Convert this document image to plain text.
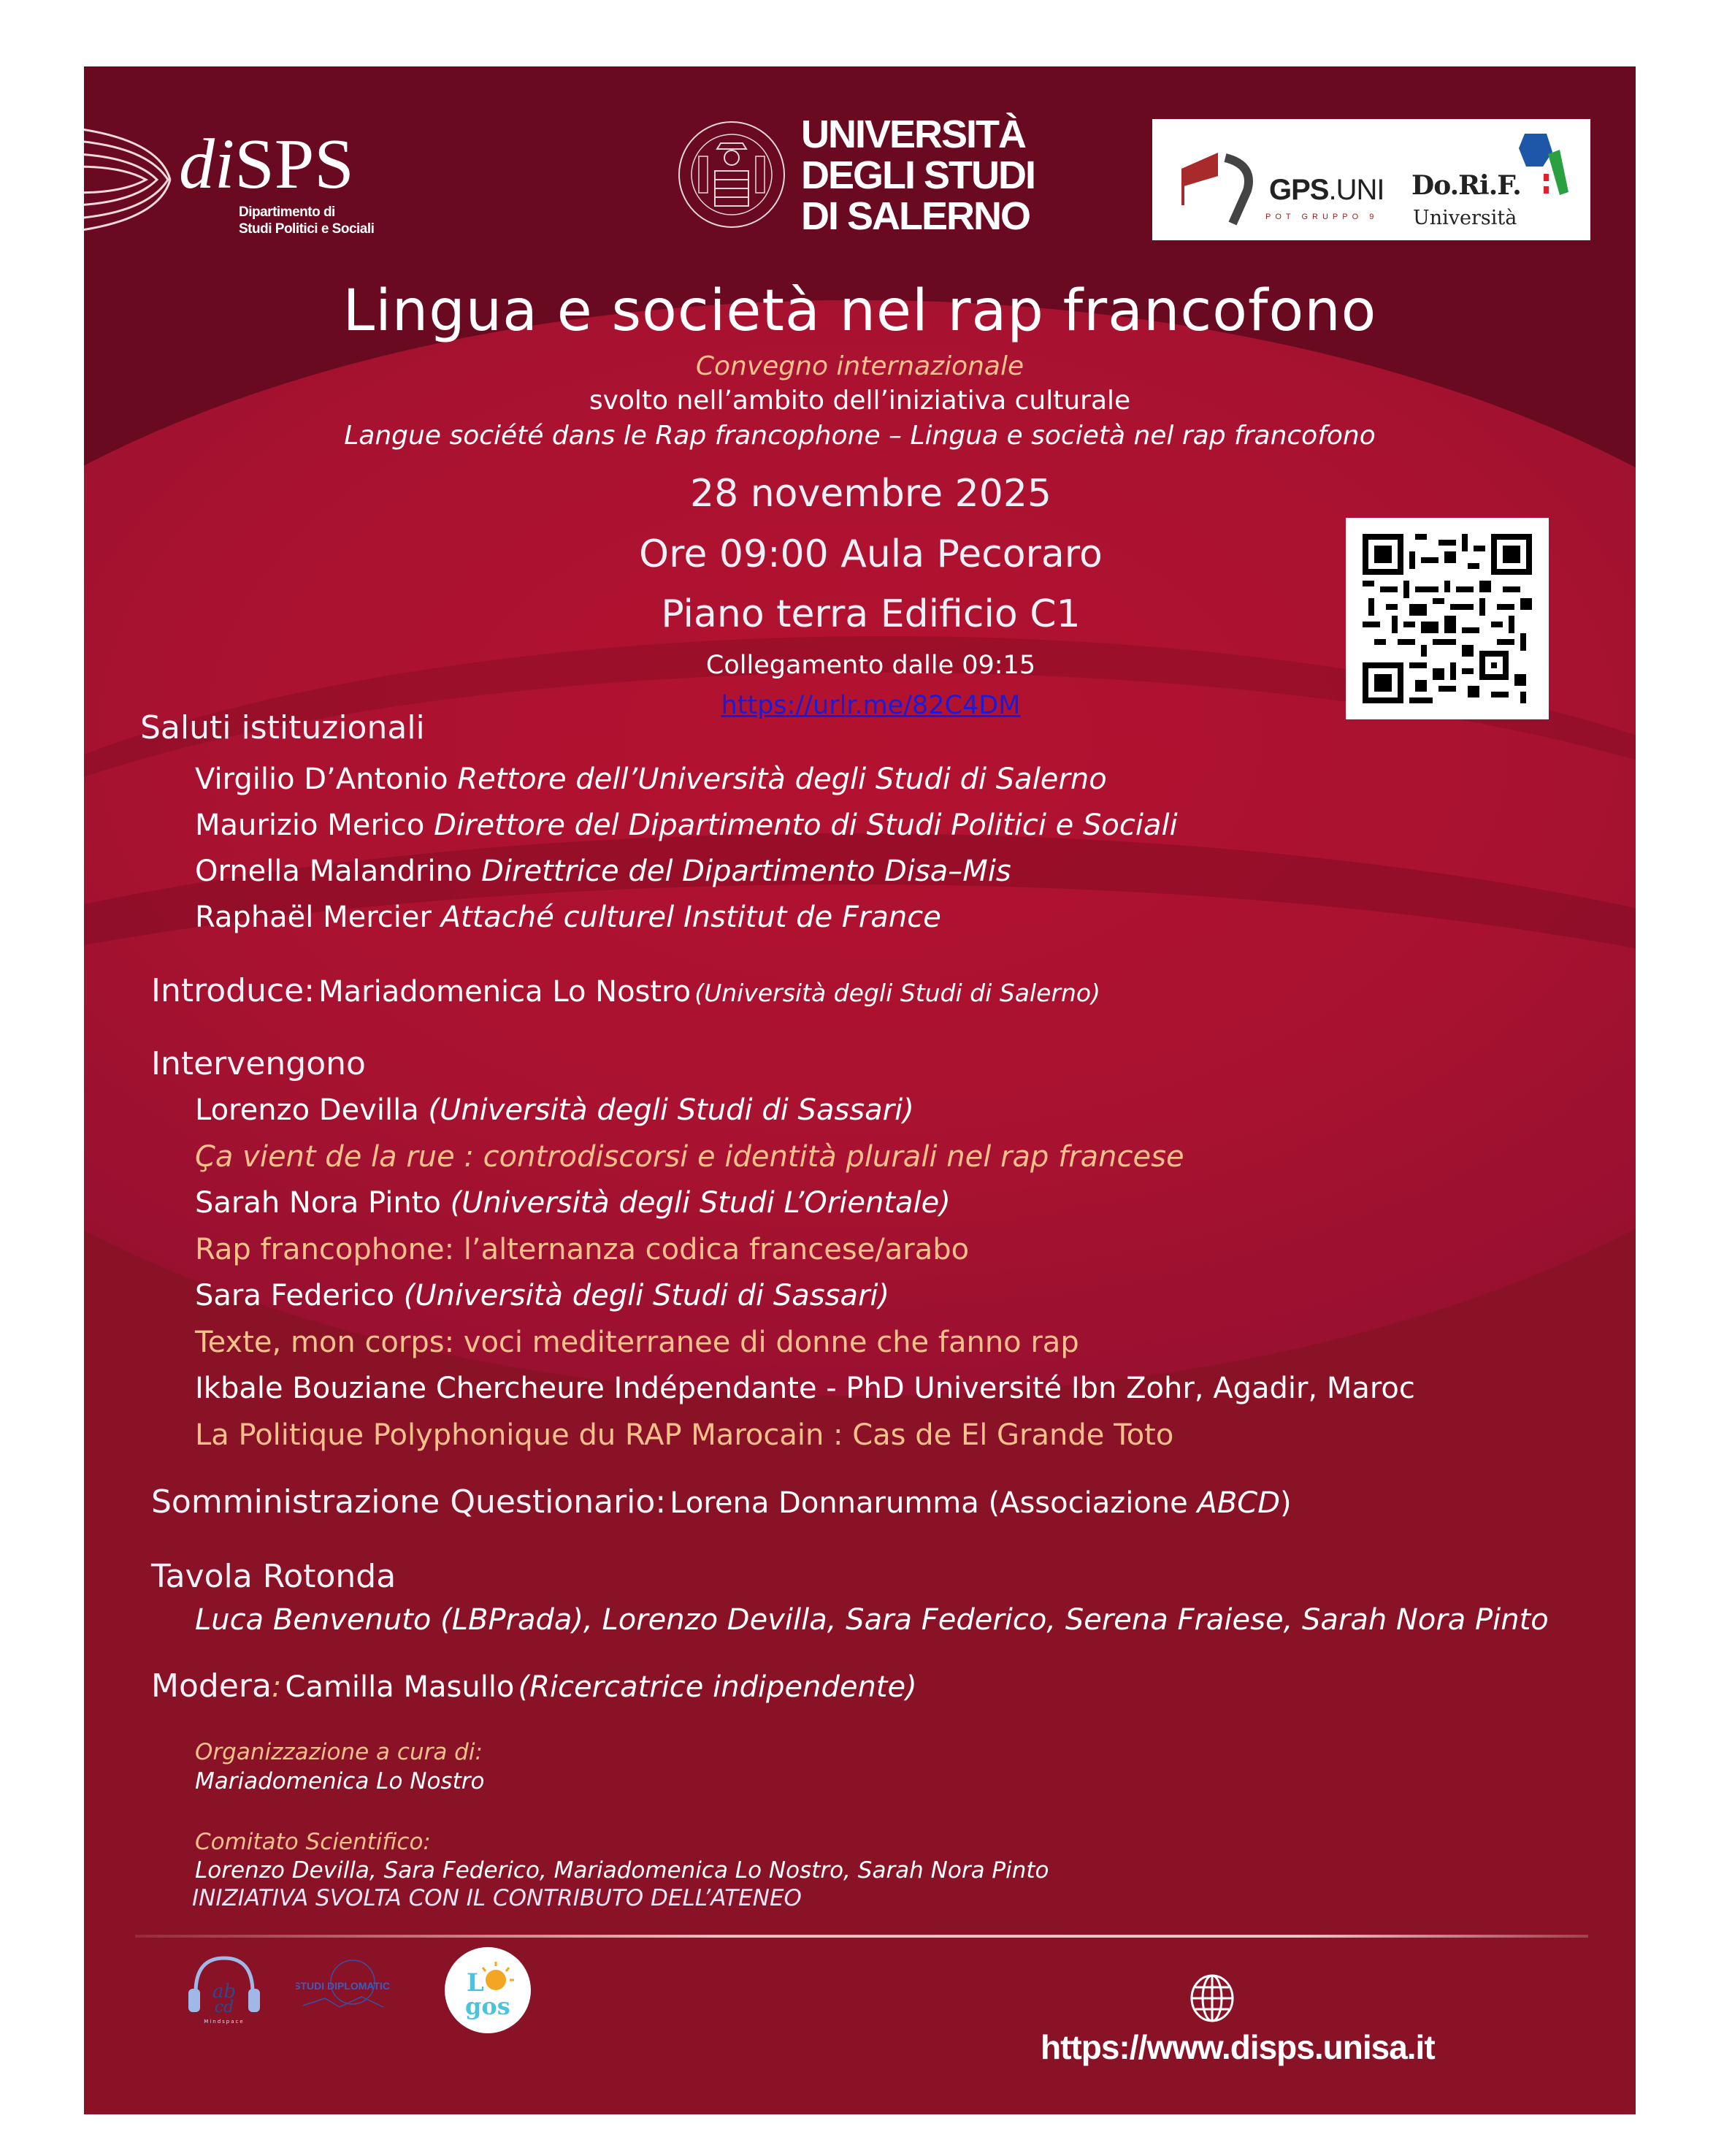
diSPS
Dipartimento di
Studi Politici e Sociali
UNIVERSITÀ
DEGLI STUDI
DI SALERNO
GPS.UNI
POT GRUPPO 9
Do.Ri.F.
Università
Lingua e società nel rap francofono
Convegno internazionale
svolto nell’ambito dell’iniziativa culturale
Langue société dans le Rap francophone – Lingua e società nel rap francofono
28 novembre 2025
Ore 09:00 Aula Pecoraro
Piano terra Edificio C1
Collegamento dalle 09:15
https://urlr.me/82C4DM
Saluti istituzionali
Virgilio D’Antonio Rettore dell’Università degli Studi di Salerno
Maurizio Merico Direttore del Dipartimento di Studi Politici e Sociali
Ornella Malandrino Direttrice del Dipartimento Disa–Mis
Raphaël Mercier Attaché culturel Institut de France
Introduce: Mariadomenica Lo Nostro (Università degli Studi di Salerno)
Intervengono
Lorenzo Devilla (Università degli Studi di Sassari)
Ça vient de la rue : controdiscorsi e identità plurali nel rap francese
Sarah Nora Pinto (Università degli Studi L’Orientale)
Rap francophone: l’alternanza codica francese/arabo
Sara Federico (Università degli Studi di Sassari)
Texte, mon corps: voci mediterranee di donne che fanno rap
Ikbale Bouziane Chercheure Indépendante - PhD Université Ibn Zohr, Agadir, Maroc
La Politique Polyphonique du RAP Marocain : Cas de El Grande Toto
Somministrazione Questionario: Lorena Donnarumma (Associazione ABCD)
Tavola Rotonda
Luca Benvenuto (LBPrada), Lorenzo Devilla, Sara Federico, Serena Fraiese, Sarah Nora Pinto
Modera: Camilla Masullo (Ricercatrice indipendente)
Organizzazione a cura di:
Mariadomenica Lo Nostro
Comitato Scientifico:
Lorenzo Devilla, Sara Federico, Mariadomenica Lo Nostro, Sarah Nora Pinto
INIZIATIVA SVOLTA CON IL CONTRIBUTO DELL’ATENEO
ab
cd
Mindspace
STUDI DIPLOMATICI	L
gos
https://www.disps.unisa.it
